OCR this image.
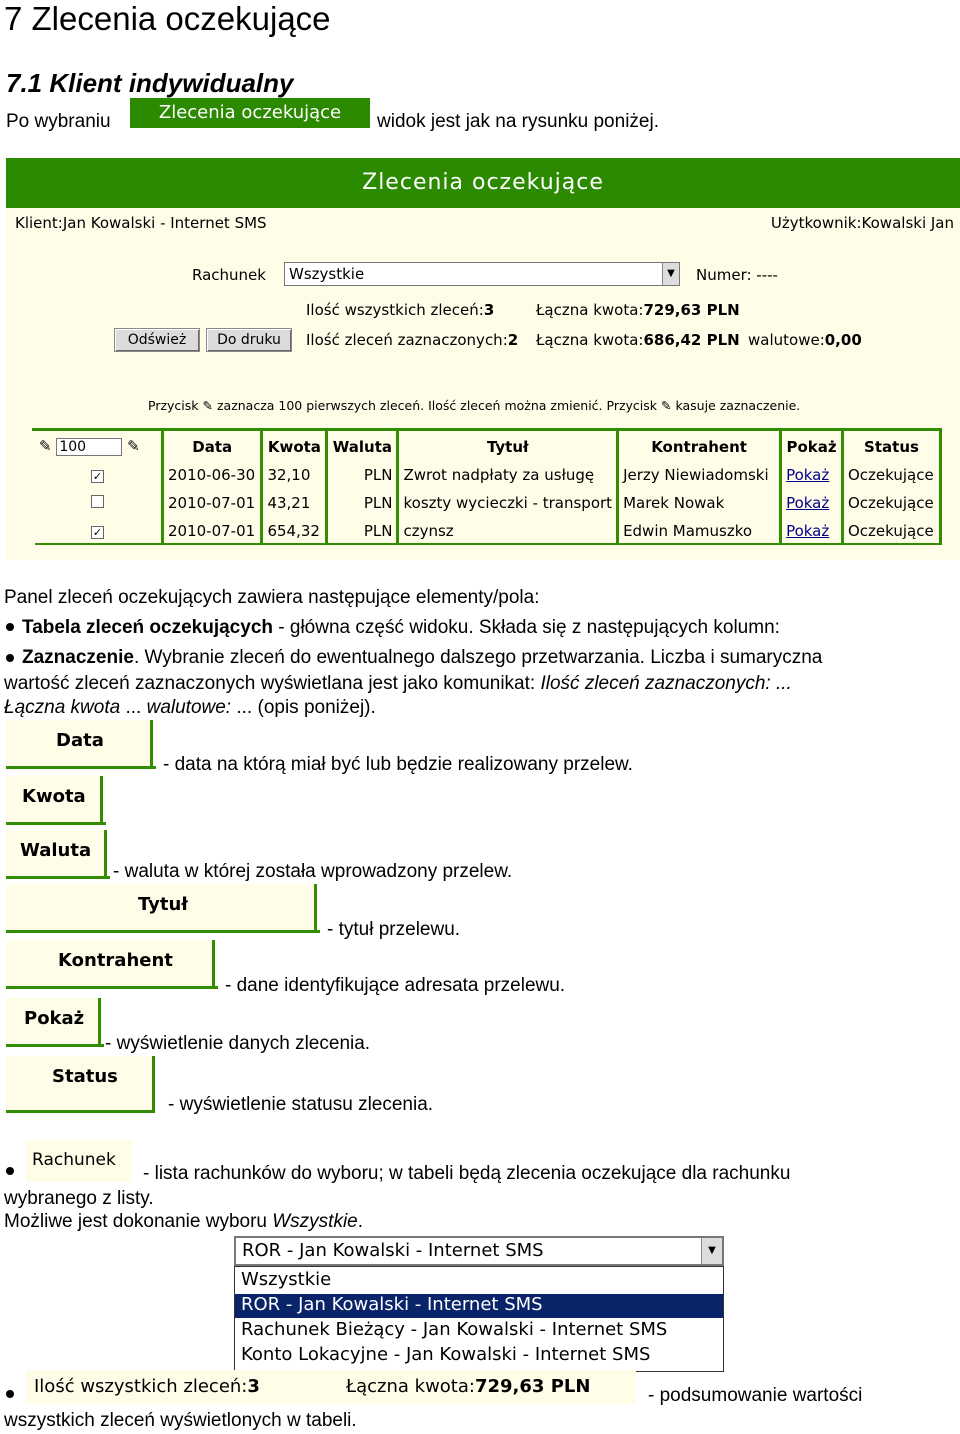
7 Zlecenia oczekujące
7.1 Klient indywidualny
Po wybraniu	Zlecenia oczekujące	widok jest jak na rysunku poniżej.
Zlecenia oczekujące
Klient:Jan Kowalski - Internet SMS	Użytkownik:Kowalski Jan
Rachunek Wszystkie	▼ Numer: ----
Ilość wszystkich zleceń:3	Łączna kwota:729,63 PLN
Odśwież	Do druku	Ilość zleceń zaznaczonych:2 Łączna kwota:686,42 PLN walutowe:0,00
Przycisk ✎ zaznacza 100 pierwszych zleceń. Ilość zleceń można zmienić. Przycisk ✎ kasuje zaznaczenie.
✎ 100 ✎	Data	Kwota	Waluta	Tytuł	Kontrahent	Pokaż	Status
✓	2010-06-30	32,10	PLN	Zwrot nadpłaty za usługę	Jerzy Niewiadomski	Pokaż	Oczekujące
	2010-07-01	43,21	PLN	koszty wycieczki - transport	Marek Nowak	Pokaż	Oczekujące
✓	2010-07-01	654,32	PLN	czynsz	Edwin Mamuszko	Pokaż	Oczekujące
Panel zleceń oczekujących zawiera następujące elementy/pola:
Tabela zleceń oczekujących - główna część widoku. Składa się z następujących kolumn:
Zaznaczenie. Wybranie zleceń do ewentualnego dalszego przetwarzania. Liczba i sumaryczna
wartość zleceń zaznaczonych wyświetlana jest jako komunikat: Ilość zleceń zaznaczonych: ...
Łączna kwota ... walutowe: ... (opis poniżej).
Data
- data na którą miał być lub będzie realizowany przelew.
Kwota
Waluta
- waluta w której została wprowadzony przelew.
Tytuł
- tytuł przelewu.
Kontrahent
- dane identyfikujące adresata przelewu.
Pokaż
- wyświetlenie danych zlecenia.
Status
- wyświetlenie statusu zlecenia.
Rachunek
- lista rachunków do wyboru; w tabeli będą zlecenia oczekujące dla rachunku
wybranego z listy.
Możliwe jest dokonanie wyboru Wszystkie.
ROR - Jan Kowalski - Internet SMS	▼
Wszystkie
ROR - Jan Kowalski - Internet SMS
Rachunek Bieżący - Jan Kowalski - Internet SMS
Konto Lokacyjne - Jan Kowalski - Internet SMS
Ilość wszystkich zleceń:3	Łączna kwota:729,63 PLN	- podsumowanie wartości
wszystkich zleceń wyświetlonych w tabeli.
